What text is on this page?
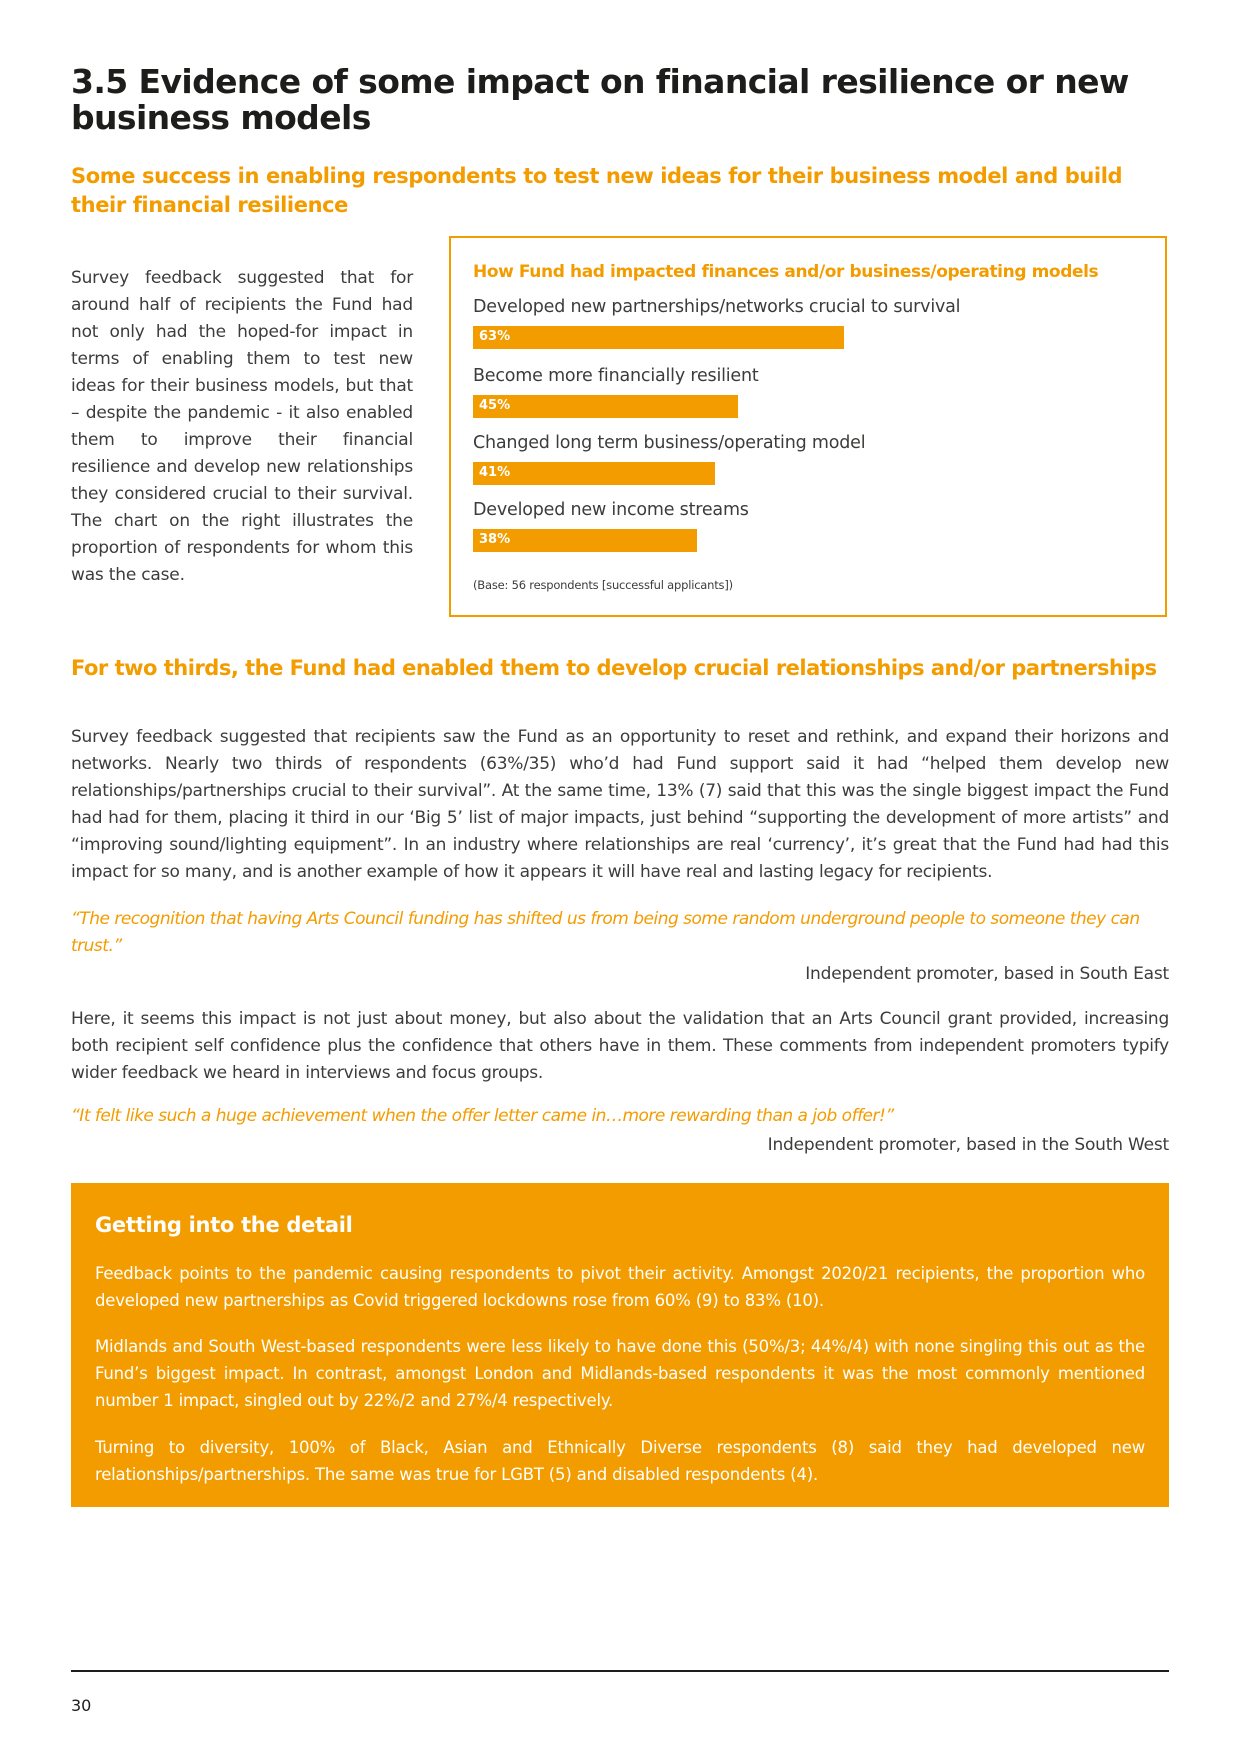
3.5 Evidence of some impact on financial resilience or new business models
Some success in enabling respondents to test new ideas for their business model and build their financial resilience

Survey feedback suggested that for around half of recipients the Fund had not only had the hoped-for impact in terms of enabling them to test new ideas for their business models, but that – despite the pandemic - it also enabled them to improve their financial resilience and develop new relationships they considered crucial to their survival. The chart on the right illustrates the proportion of respondents for whom this was the case.

How Fund had impacted finances and/or business/operating models
Developed new partnerships/networks crucial to survival
63%
Become more financially resilient
45%
Changed long term business/operating model
41%
Developed new income streams
38%
(Base: 56 respondents [successful applicants])
For two thirds, the Fund had enabled them to develop crucial relationships and/or partnerships

Survey feedback suggested that recipients saw the Fund as an opportunity to reset and rethink, and expand their horizons and networks. Nearly two thirds of respondents (63%/35) who’d had Fund support said it had “helped them develop new relationships/partnerships crucial to their survival”. At the same time, 13% (7) said that this was the single biggest impact the Fund had had for them, placing it third in our ‘Big 5’ list of major impacts, just behind “supporting the development of more artists” and “improving sound/lighting equipment”. In an industry where relationships are real ‘currency’, it’s great that the Fund had had this impact for so many, and is another example of how it appears it will have real and lasting legacy for recipients.

“The recognition that having Arts Council funding has shifted us from being some random underground people to someone they can trust.”

Independent promoter, based in South East

Here, it seems this impact is not just about money, but also about the validation that an Arts Council grant provided, increasing both recipient self confidence plus the confidence that others have in them. These comments from independent promoters typify wider feedback we heard in interviews and focus groups.

“It felt like such a huge achievement when the offer letter came in…more rewarding than a job offer!”

Independent promoter, based in the South West

Getting into the detail

Feedback points to the pandemic causing respondents to pivot their activity. Amongst 2020/21 recipients, the proportion who developed new partnerships as Covid triggered lockdowns rose from 60% (9) to 83% (10).

Midlands and South West-based respondents were less likely to have done this (50%/3; 44%/4) with none singling this out as the Fund’s biggest impact. In contrast, amongst London and Midlands-based respondents it was the most commonly mentioned number 1 impact, singled out by 22%/2 and 27%/4 respectively.

Turning to diversity, 100% of Black, Asian and Ethnically Diverse respondents (8) said they had developed new relationships/partnerships. The same was true for LGBT (5) and disabled respondents (4).

30
